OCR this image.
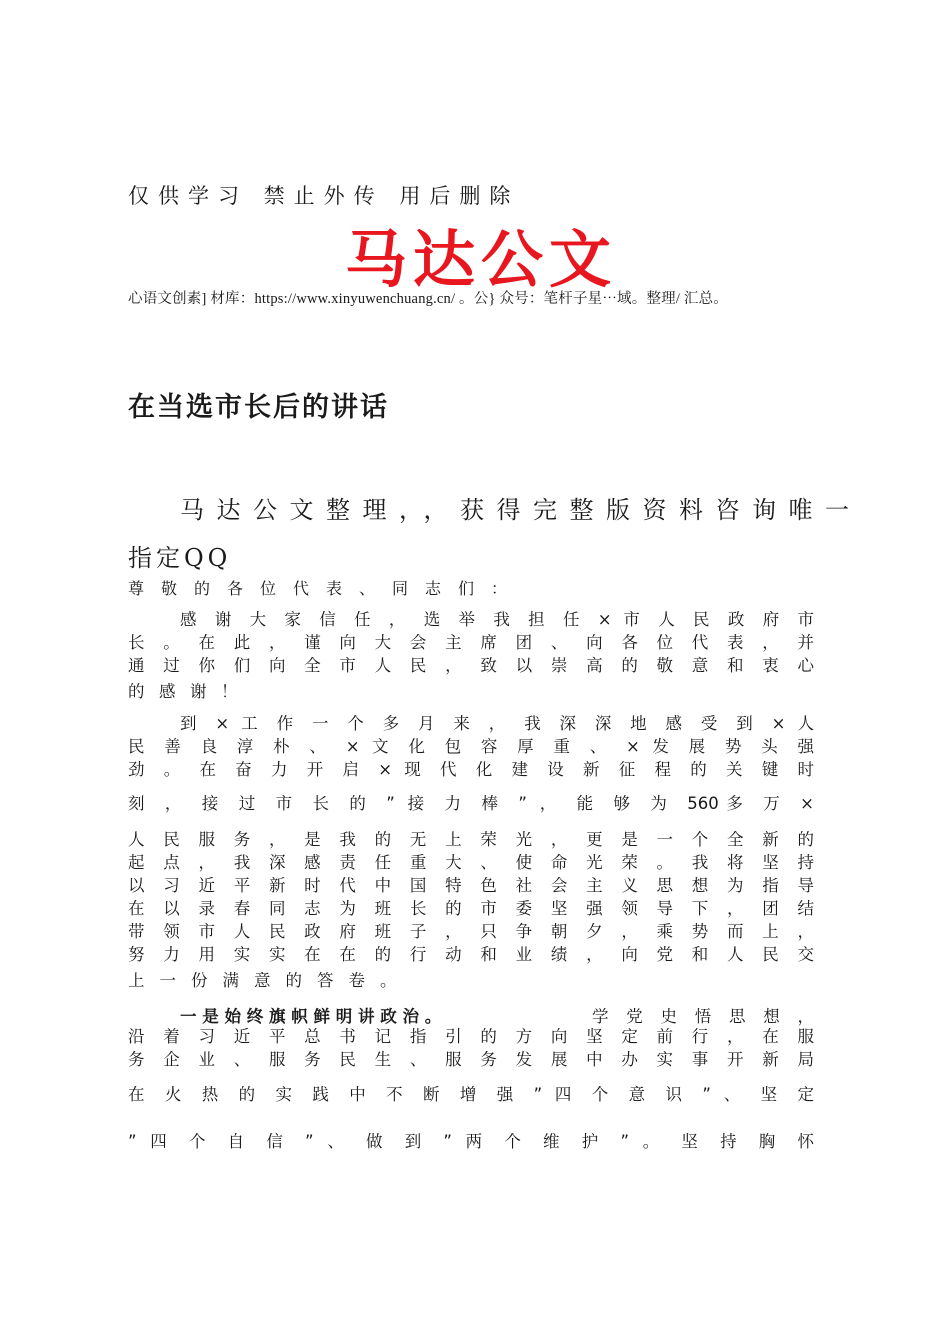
仅供学习 禁止外传 用后删除
马达公文
心语文创素] 材库：https://www.xinyuwenchuang.cn/ 。公} 众号：笔杆子星⋯域。整理/ 汇总。
在当选市长后的讲话
马达公文整理，，获得完整版资料咨询唯一
指定QQ
尊敬的各位代表、同志们：
感 谢 大 家 信 任 ， 选 举 我 担 任 × 市 人 民 政 府 市
长 。 在 此 ， 谨 向 大 会 主 席 团 、 向 各 位 代 表 ， 并
通 过 你 们 向 全 市 人 民 ， 致 以 崇 高 的 敬 意 和 衷 心
的感谢！
到 × 工 作 一 个 多 月 来 ， 我 深 深 地 感 受 到 × 人
民 善 良 淳 朴 、 × 文 化 包 容 厚 重 、 × 发 展 势 头 强
劲 。 在 奋 力 开 启 × 现 代 化 建 设 新 征 程 的 关 键 时
刻 ， 接 过 市 长 的 ” 接 力 棒 ” ， 能 够 为 560多 万 ×
人 民 服 务 ， 是 我 的 无 上 荣 光 ， 更 是 一 个 全 新 的
起 点 ， 我 深 感 责 任 重 大 、 使 命 光 荣 。 我 将 坚 持
以 习 近 平 新 时 代 中 国 特 色 社 会 主 义 思 想 为 指 导
在 以 录 春 同 志 为 班 长 的 市 委 坚 强 领 导 下 ， 团 结
带 领 市 人 民 政 府 班 子 ， 只 争 朝 夕 ， 乘 势 而 上 ，
努 力 用 实 实 在 在 的 行 动 和 业 绩 ， 向 党 和 人 民 交
上一份满意的答卷。
一 是 始 终 旗 帜 鲜 明 讲 政 治 。	学 党 史 悟 思 想 ，
沿 着 习 近 平 总 书 记 指 引 的 方 向 坚 定 前 行 ， 在 服
务 企 业 、 服 务 民 生 、 服 务 发 展 中 办 实 事 开 新 局
在 火 热 的 实 践 中 不 断 增 强 ” 四 个 意 识 ” 、 坚 定
” 四 个 自 信 ” 、 做 到 ” 两 个 维 护 ” 。 坚 持 胸 怀
